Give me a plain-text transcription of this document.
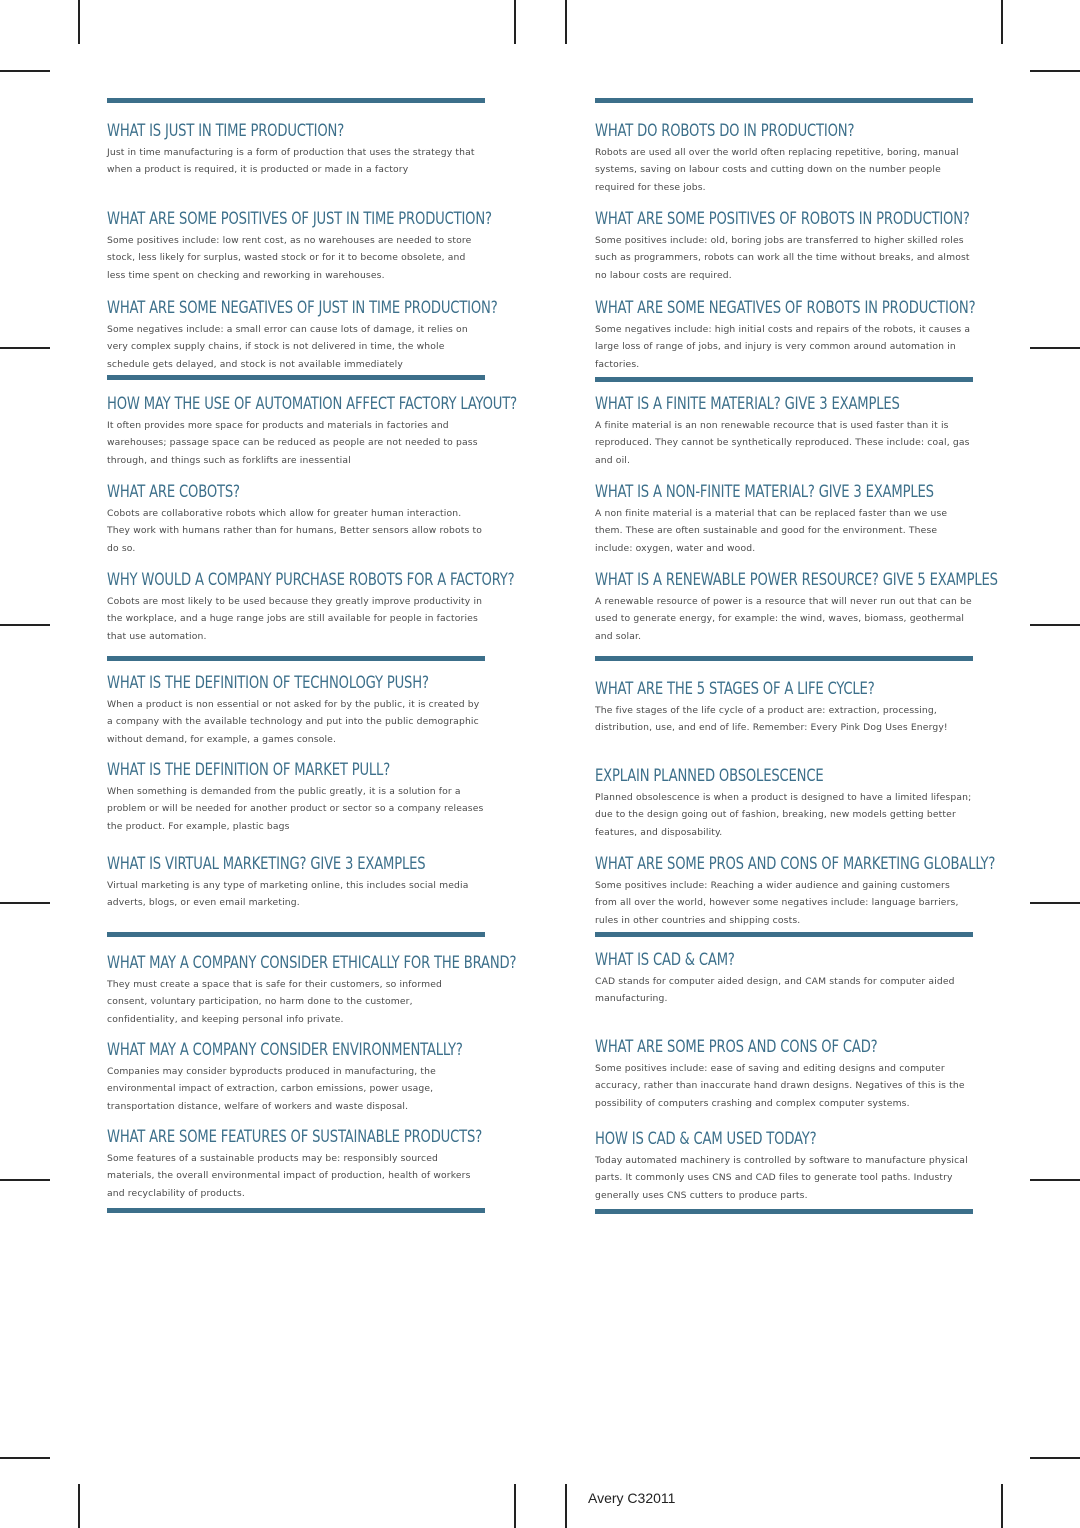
WHAT IS JUST IN TIME PRODUCTION?

Just in time manufacturing is a form of production that uses the strategy that when a product is required, it is producted or made in a factory

WHAT ARE SOME POSITIVES OF JUST IN TIME PRODUCTION?

Some positives include: low rent cost, as no warehouses are needed to store stock, less likely for surplus, wasted stock or for it to become obsolete, and less time spent on checking and reworking in warehouses.

WHAT ARE SOME NEGATIVES OF JUST IN TIME PRODUCTION?

Some negatives include: a small error can cause lots of damage, it relies on very complex supply chains, if stock is not delivered in time, the whole schedule gets delayed, and stock is not available immediately

HOW MAY THE USE OF AUTOMATION AFFECT FACTORY LAYOUT?

It often provides more space for products and materials in factories and warehouses; passage space can be reduced as people are not needed to pass through, and things such as forklifts are inessential

WHAT ARE COBOTS?

Cobots are collaborative robots which allow for greater human interaction. They work with humans rather than for humans, Better sensors allow robots to do so.

WHY WOULD A COMPANY PURCHASE ROBOTS FOR A FACTORY?

Cobots are most likely to be used because they greatly improve productivity in the workplace, and a huge range jobs are still available for people in factories that use automation.

WHAT IS THE DEFINITION OF TECHNOLOGY PUSH?

When a product is non essential or not asked for by the public, it is created by a company with the available technology and put into the public demographic without demand, for example, a games console.

WHAT IS THE DEFINITION OF MARKET PULL?

When something is demanded from the public greatly, it is a solution for a problem or will be needed for another product or sector so a company releases the product. For example, plastic bags

WHAT IS VIRTUAL MARKETING? GIVE 3 EXAMPLES

Virtual marketing is any type of marketing online, this includes social media adverts, blogs, or even email marketing.

WHAT MAY A COMPANY CONSIDER ETHICALLY FOR THE BRAND?

They must create a space that is safe for their customers, so informed consent, voluntary participation, no harm done to the customer, confidentiality, and keeping personal info private.

WHAT MAY A COMPANY CONSIDER ENVIRONMENTALLY?

Companies may consider byproducts produced in manufacturing, the environmental impact of extraction, carbon emissions, power usage, transportation distance, welfare of workers and waste disposal.

WHAT ARE SOME FEATURES OF SUSTAINABLE PRODUCTS?

Some features of a sustainable products may be: responsibly sourced materials, the overall environmental impact of production, health of workers and recyclability of products.

WHAT DO ROBOTS DO IN PRODUCTION?

Robots are used all over the world often replacing repetitive, boring, manual systems, saving on labour costs and cutting down on the number people required for these jobs.

WHAT ARE SOME POSITIVES OF ROBOTS IN PRODUCTION?

Some positives include: old, boring jobs are transferred to higher skilled roles such as programmers, robots can work all the time without breaks, and almost no labour costs are required.

WHAT ARE SOME NEGATIVES OF ROBOTS IN PRODUCTION?

Some negatives include: high initial costs and repairs of the robots, it causes a large loss of range of jobs, and injury is very common around automation in factories.

WHAT IS A FINITE MATERIAL? GIVE 3 EXAMPLES

A finite material is an non renewable recource that is used faster than it is reproduced. They cannot be synthetically reproduced. These include: coal, gas and oil.

WHAT IS A NON-FINITE MATERIAL? GIVE 3 EXAMPLES

A non finite material is a material that can be replaced faster than we use them. These are often sustainable and good for the environment. These include: oxygen, water and wood.

WHAT IS A RENEWABLE POWER RESOURCE? GIVE 5 EXAMPLES

A renewable resource of power is a resource that will never run out that can be used to generate energy, for example: the wind, waves, biomass, geothermal and solar.

WHAT ARE THE 5 STAGES OF A LIFE CYCLE?

The five stages of the life cycle of a product are: extraction, processing, distribution, use, and end of life. Remember: Every Pink Dog Uses Energy!

EXPLAIN PLANNED OBSOLESCENCE

Planned obsolescence is when a product is designed to have a limited lifespan; due to the design going out of fashion, breaking, new models getting better features, and disposability.

WHAT ARE SOME PROS AND CONS OF MARKETING GLOBALLY?

Some positives include: Reaching a wider audience and gaining customers from all over the world, however some negatives include: language barriers, rules in other countries and shipping costs.

WHAT IS CAD & CAM?

CAD stands for computer aided design, and CAM stands for computer aided manufacturing.

WHAT ARE SOME PROS AND CONS OF CAD?

Some positives include: ease of saving and editing designs and computer accuracy, rather than inaccurate hand drawn designs. Negatives of this is the possibility of computers crashing and complex computer systems.

HOW IS CAD & CAM USED TODAY?

Today automated machinery is controlled by software to manufacture physical parts. It commonly uses CNS and CAD files to generate tool paths. Industry generally uses CNS cutters to produce parts.

Avery C32011
